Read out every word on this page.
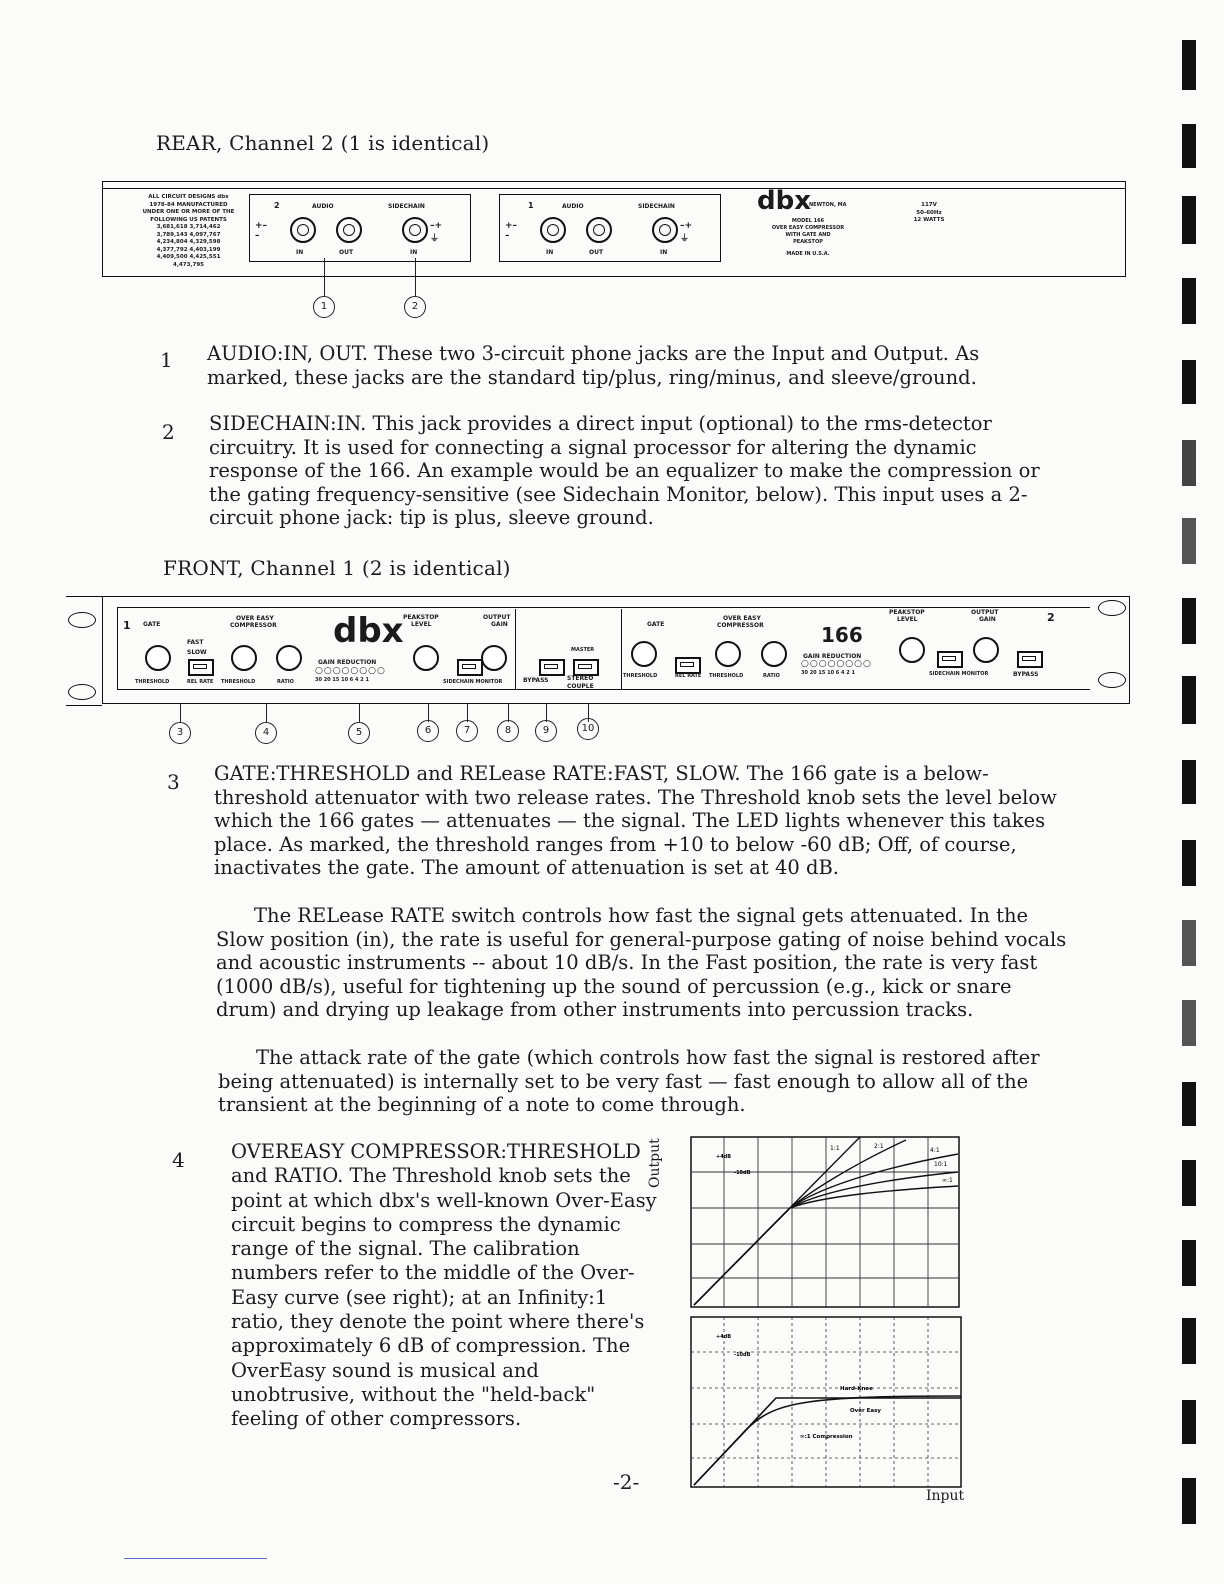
REAR, Channel 2 (1 is identical)
ALL CIRCUIT DESIGNS dbx 1978-84 MANUFACTURED UNDER ONE OR MORE OF THE FOLLOWING US PATENTS 3,681,618 3,714,462 3,789,143 4,097,767 4,234,804 4,329,598 4,377,792 4,403,199 4,409,500 4,425,551 4,473,795
2	AUDIO	SIDECHAIN
+–
–
–+
⏚
IN	OUT	IN
1	AUDIO	SIDECHAIN
+–
–
–+
⏚
IN	OUT	IN
dbx
NEWTON, MA
MODEL 166
OVER EASY COMPRESSOR
WITH GATE AND
PEAKSTOP
MADE IN U.S.A.
117V
50-60Hz
12 WATTS
1	2
1 AUDIO:IN, OUT. These two 3-circuit phone jacks are the Input and Output. As marked, these jacks are the standard tip/plus, ring/minus, and sleeve/ground.
2 SIDECHAIN:IN. This jack provides a direct input (optional) to the rms-detector circuitry. It is used for connecting a signal processor for altering the dynamic response of the 166. An example would be an equalizer to make the compression or the gating frequency-sensitive (see Sidechain Monitor, below). This input uses a 2-circuit phone jack: tip is plus, sleeve ground.
FRONT, Channel 1 (2 is identical)
1 GATE
OVER EASY
COMPRESSOR dbx PEAKSTOP
LEVEL
OUTPUT
GAIN
FAST
SLOW
GAIN REDUCTION
○○○○○○○○
30 20 15 10 6 4 2 1
MASTER
THRESHOLD	REL RATE THRESHOLD	RATIO	SIDECHAIN MONITOR	BYPASS	STEREO COUPLE
GATE
OVER EASY
COMPRESSOR	166
PEAKSTOP
LEVEL
OUTPUT
GAIN	2
GAIN REDUCTION
○○○○○○○○
30 20 15 10 6 4 2 1
THRESHOLD	REL RATE THRESHOLD	RATIO	SIDECHAIN MONITOR	BYPASS
3	4	5	6	7	8	9	10
3 GATE:THRESHOLD and RELease RATE:FAST, SLOW. The 166 gate is a below-threshold attenuator with two release rates. The Threshold knob sets the level below which the 166 gates — attenuates — the signal. The LED lights whenever this takes place. As marked, the threshold ranges from +10 to below -60 dB; Off, of course, inactivates the gate. The amount of attenuation is set at 40 dB.
The RELease RATE switch controls how fast the signal gets attenuated. In the Slow position (in), the rate is useful for general-purpose gating of noise behind vocals and acoustic instruments -- about 10 dB/s. In the Fast position, the rate is very fast (1000 dB/s), useful for tightening up the sound of percussion (e.g., kick or snare drum) and drying up leakage from other instruments into percussion tracks.
The attack rate of the gate (which controls how fast the signal is restored after being attenuated) is internally set to be very fast — fast enough to allow all of the transient at the beginning of a note to come through.
4 OVEREASY COMPRESSOR:THRESHOLD and RATIO. The Threshold knob sets the point at which dbx's well-known Over-Easy circuit begins to compress the dynamic range of the signal. The calibration numbers refer to the middle of the Over-Easy curve (see right); at an Infinity:1 ratio, they denote the point where there's approximately 6 dB of compression. The OverEasy sound is musical and unobtrusive, without the "held-back" feeling of other compressors.
Output	1:1	2:1
4:1
10:1
∞:1
+4dB
-10dB
Hard-Knee
Over Easy
∞:1 Compression
+4dB
-10dB
Input
-2-
